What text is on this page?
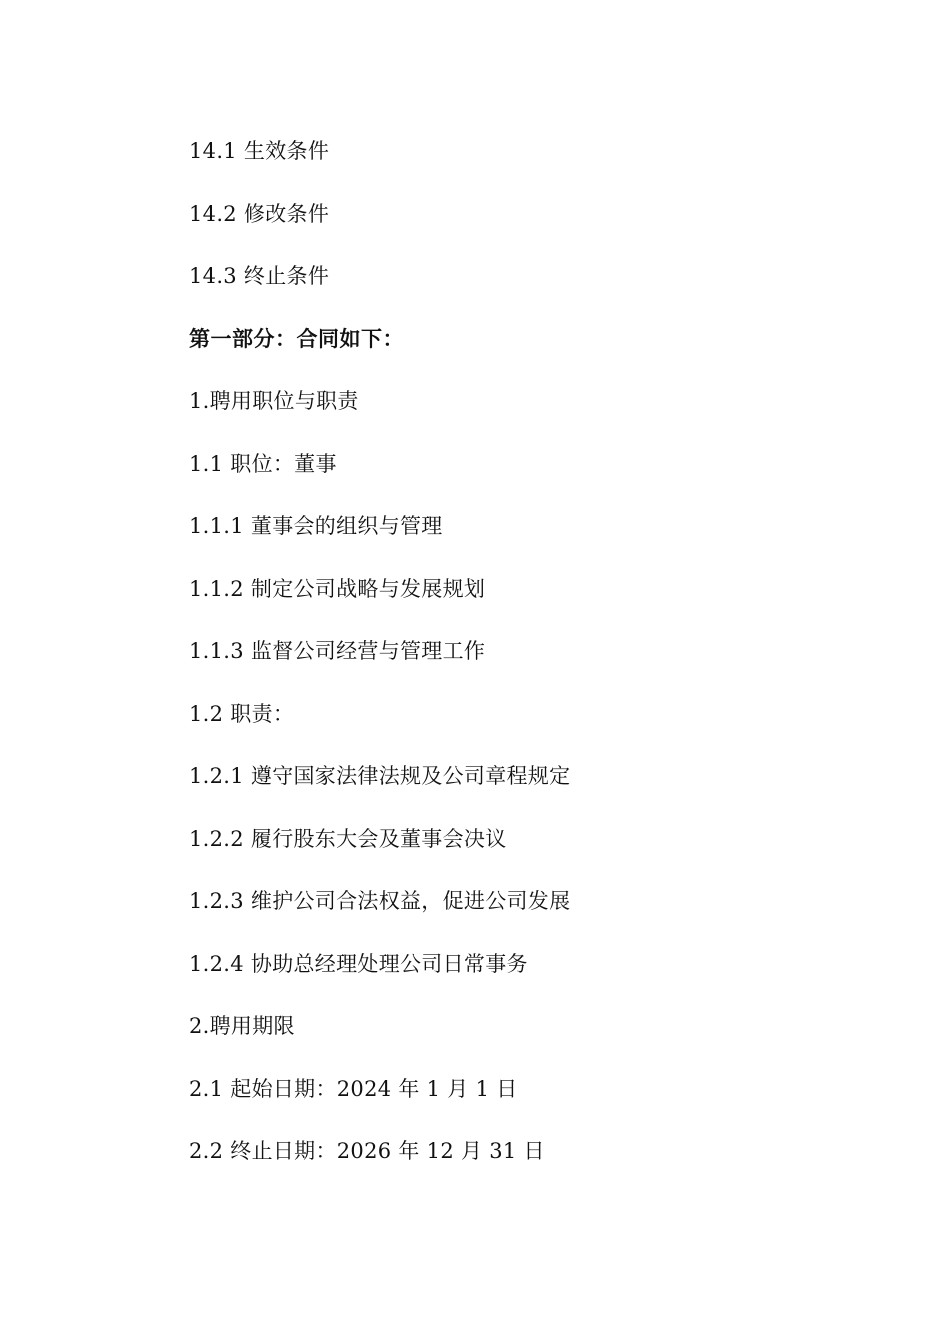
14.1 生效条件
14.2 修改条件
14.3 终止条件
第一部分：合同如下：
1.聘用职位与职责
1.1 职位：董事
1.1.1 董事会的组织与管理
1.1.2 制定公司战略与发展规划
1.1.3 监督公司经营与管理工作
1.2 职责：
1.2.1 遵守国家法律法规及公司章程规定
1.2.2 履行股东大会及董事会决议
1.2.3 维护公司合法权益，促进公司发展
1.2.4 协助总经理处理公司日常事务
2.聘用期限
2.1 起始日期：2024 年 1 月 1 日
2.2 终止日期：2026 年 12 月 31 日
